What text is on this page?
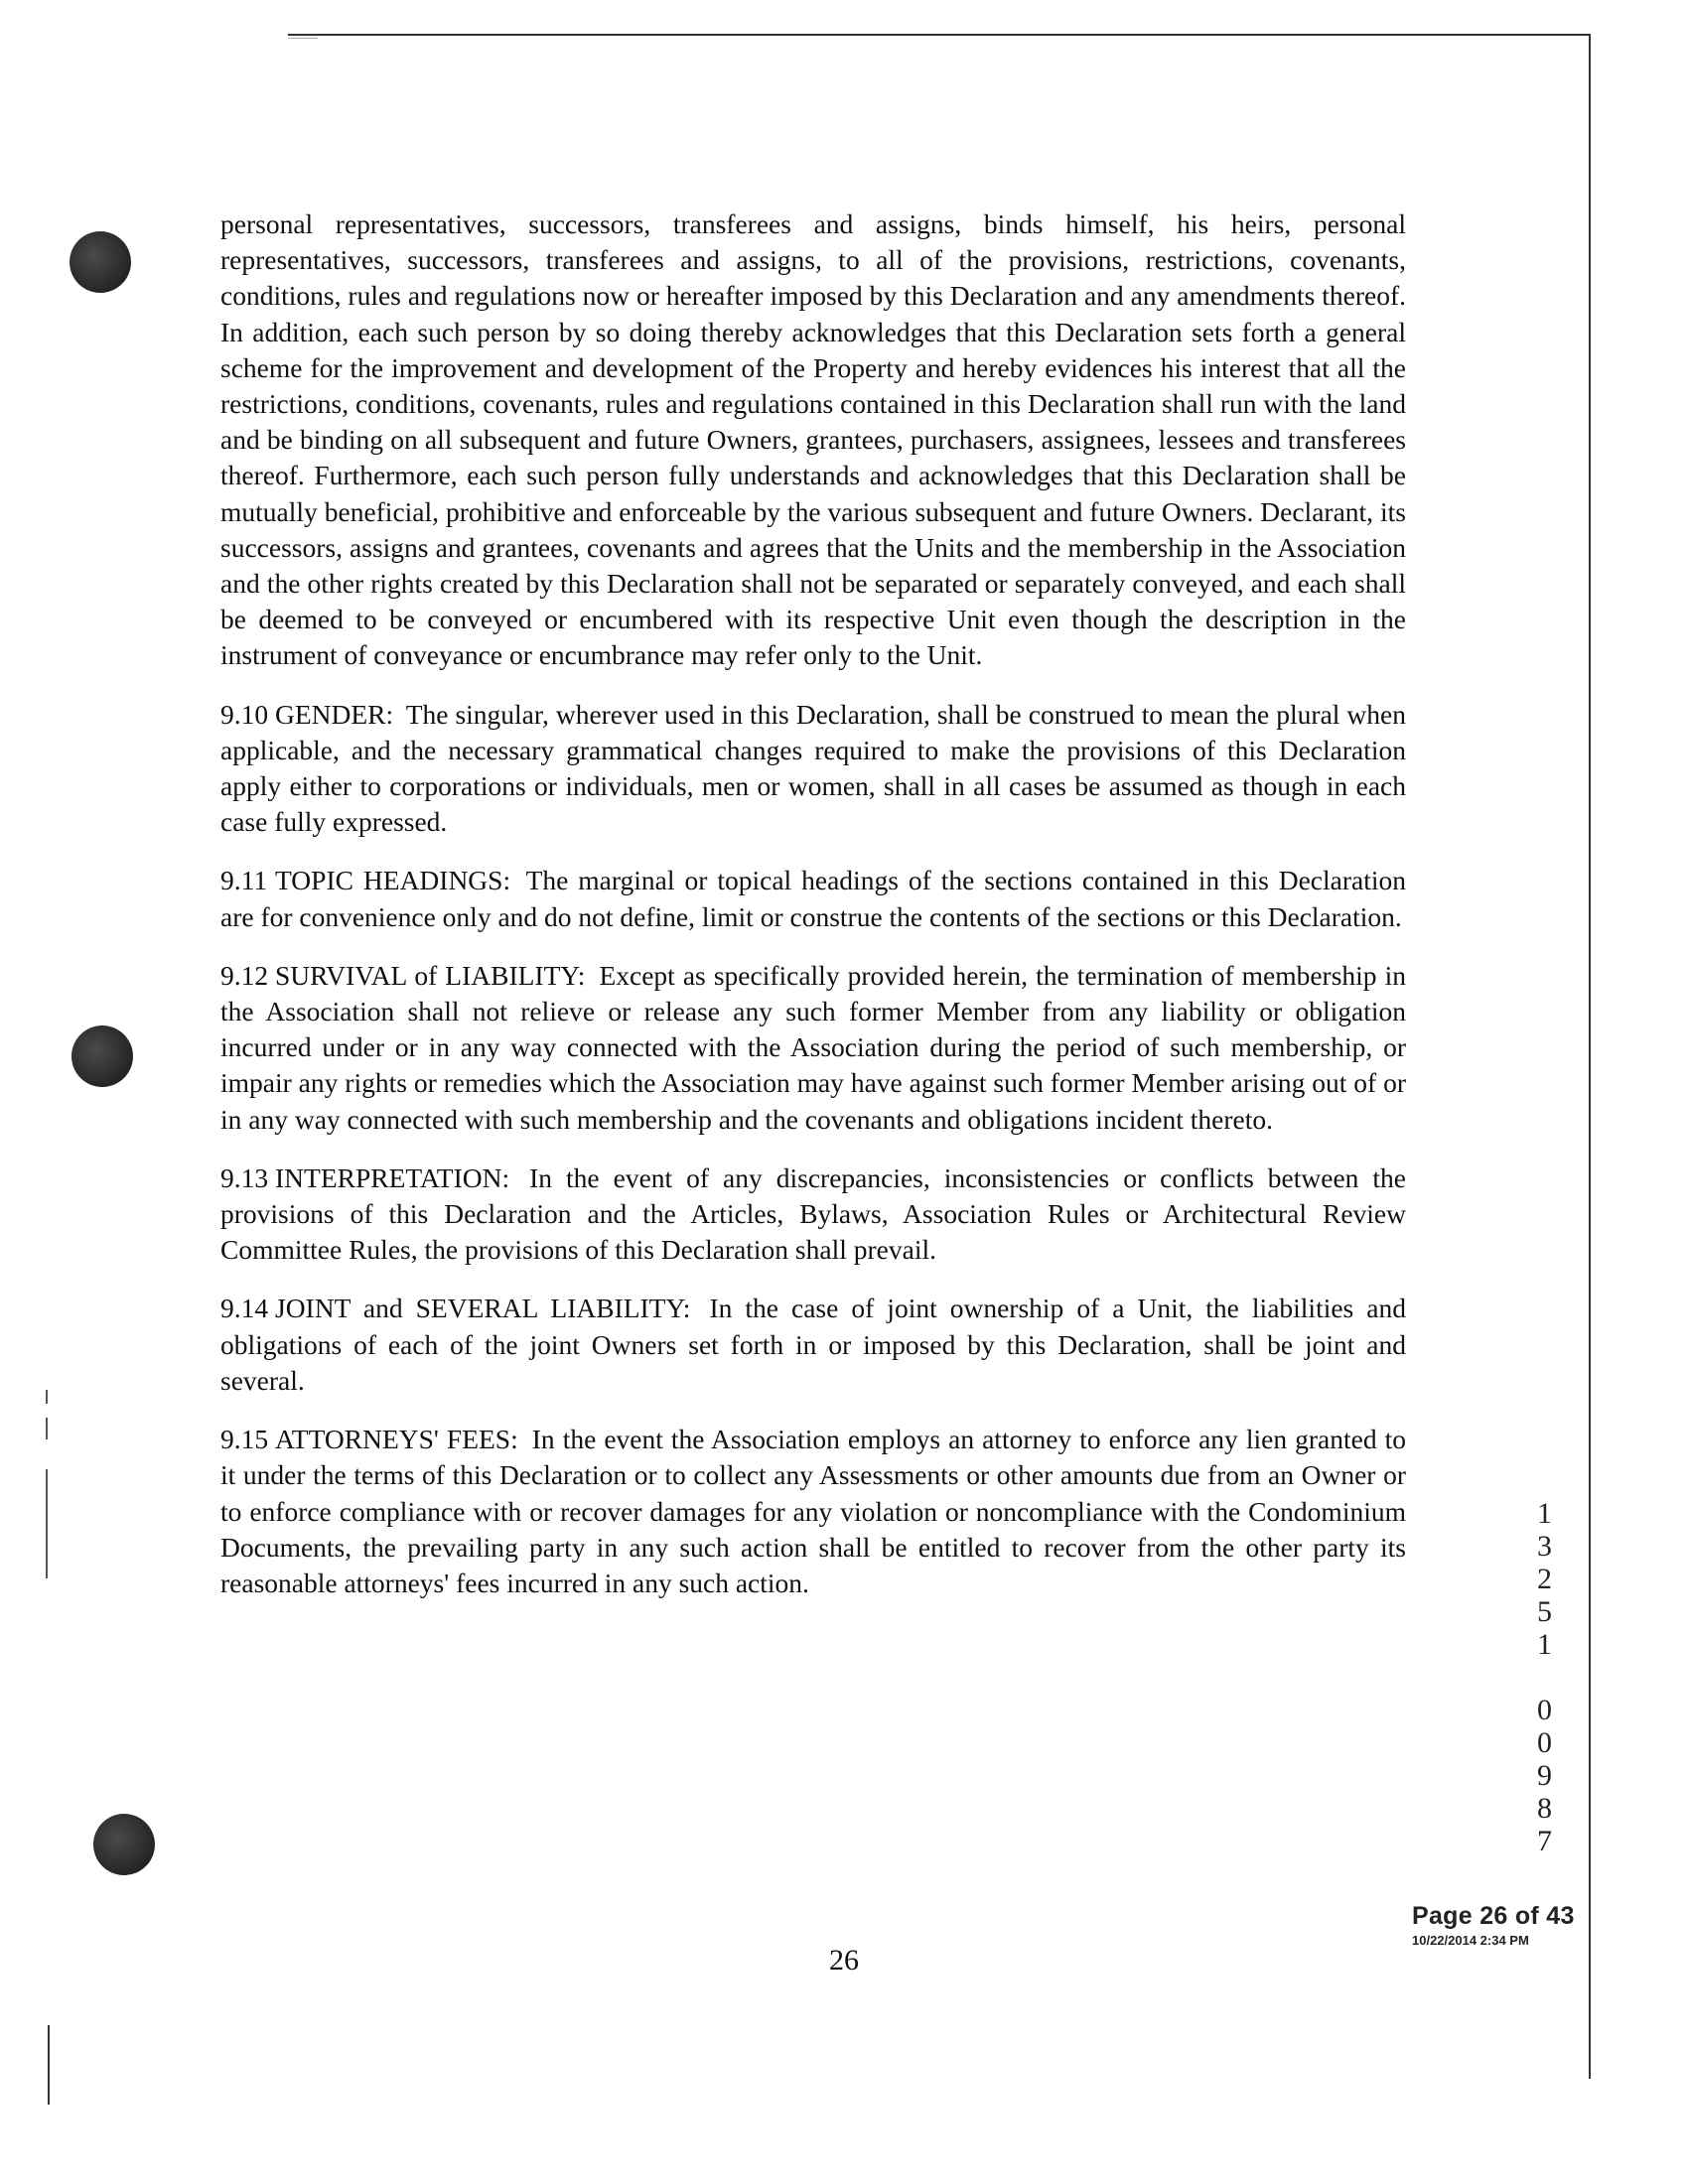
personal representatives, successors, transferees and assigns, binds himself, his heirs, personal representatives, successors, transferees and assigns, to all of the provisions, restrictions, covenants, conditions, rules and regulations now or hereafter imposed by this Declaration and any amendments thereof. In addition, each such person by so doing thereby acknowledges that this Declaration sets forth a general scheme for the improvement and development of the Property and hereby evidences his interest that all the restrictions, conditions, covenants, rules and regulations contained in this Declaration shall run with the land and be binding on all subsequent and future Owners, grantees, purchasers, assignees, lessees and transferees thereof. Furthermore, each such person fully understands and acknowledges that this Declaration shall be mutually beneficial, prohibitive and enforceable by the various subsequent and future Owners. Declarant, its successors, assigns and grantees, covenants and agrees that the Units and the membership in the Association and the other rights created by this Declaration shall not be separated or separately conveyed, and each shall be deemed to be conveyed or encumbered with its respective Unit even though the description in the instrument of conveyance or encumbrance may refer only to the Unit.

9.10 GENDER: The singular, wherever used in this Declaration, shall be construed to mean the plural when applicable, and the necessary grammatical changes required to make the provisions of this Declaration apply either to corporations or individuals, men or women, shall in all cases be assumed as though in each case fully expressed.

9.11 TOPIC HEADINGS: The marginal or topical headings of the sections contained in this Declaration are for convenience only and do not define, limit or construe the contents of the sections or this Declaration.

9.12 SURVIVAL of LIABILITY: Except as specifically provided herein, the termination of membership in the Association shall not relieve or release any such former Member from any liability or obligation incurred under or in any way connected with the Association during the period of such membership, or impair any rights or remedies which the Association may have against such former Member arising out of or in any way connected with such membership and the covenants and obligations incident thereto.

9.13 INTERPRETATION: In the event of any discrepancies, inconsistencies or conflicts between the provisions of this Declaration and the Articles, Bylaws, Association Rules or Architectural Review Committee Rules, the provisions of this Declaration shall prevail.

9.14 JOINT and SEVERAL LIABILITY: In the case of joint ownership of a Unit, the liabilities and obligations of each of the joint Owners set forth in or imposed by this Declaration, shall be joint and several.

9.15 ATTORNEYS' FEES: In the event the Association employs an attorney to enforce any lien granted to it under the terms of this Declaration or to collect any Assessments or other amounts due from an Owner or to enforce compliance with or recover damages for any violation or noncompliance with the Condominium Documents, the prevailing party in any such action shall be entitled to recover from the other party its reasonable attorneys' fees incurred in any such action.	13251 00987
26
Page 26 of 43
10/22/2014 2:34 PM
